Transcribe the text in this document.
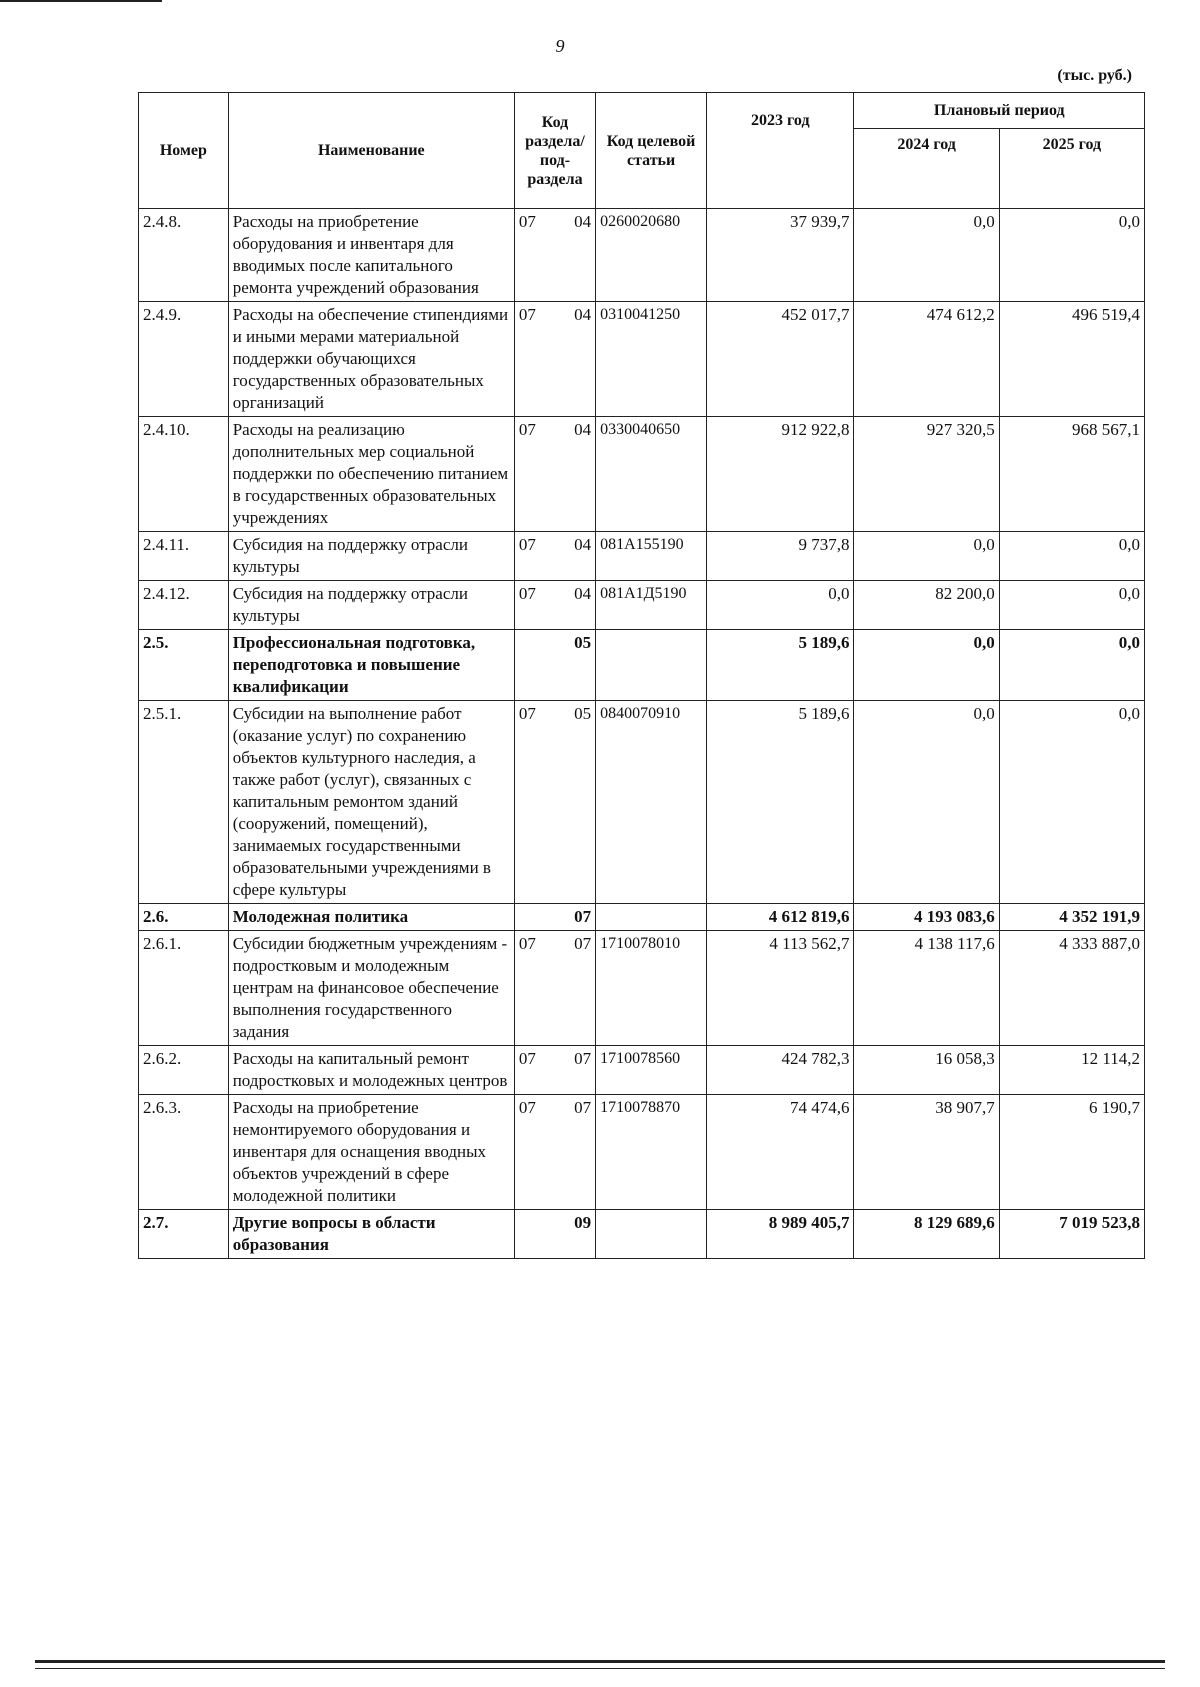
9
(тыс. руб.)
Номер	Наименование	Код раздела/ под-раздела	Код целевой статьи	2023 год	Плановый период	
					2024 год	2025 год
2.4.8.	Расходы на приобретение оборудования и инвентаря для вводимых после капитального ремонта учреждений образования	07 04	0260020680	37 939,7	0,0	0,0
2.4.9.	Расходы на обеспечение стипендиями и иными мерами материальной поддержки обучающихся государственных образовательных организаций	07 04	0310041250	452 017,7	474 612,2	496 519,4
2.4.10.	Расходы на реализацию дополнительных мер социальной поддержки по обеспечению питанием в государственных образовательных учреждениях	07 04	0330040650	912 922,8	927 320,5	968 567,1
2.4.11.	Субсидия на поддержку отрасли культуры	07 04	081А155190	9 737,8	0,0	0,0
2.4.12.	Субсидия на поддержку отрасли культуры	07 04	081А1Д5190	0,0	82 200,0	0,0
2.5.	Профессиональная подготовка, переподготовка и повышение квалификации	05		5 189,6	0,0	0,0
2.5.1.	Субсидии на выполнение работ (оказание услуг) по сохранению объектов культурного наследия, а также работ (услуг), связанных с капитальным ремонтом зданий (сооружений, помещений), занимаемых государственными образовательными учреждениями в сфере культуры	07 05	0840070910	5 189,6	0,0	0,0
2.6.	Молодежная политика	07		4 612 819,6	4 193 083,6	4 352 191,9
2.6.1.	Субсидии бюджетным учреждениям - подростковым и молодежным центрам на финансовое обеспечение выполнения государственного задания	07 07	1710078010	4 113 562,7	4 138 117,6	4 333 887,0
2.6.2.	Расходы на капитальный ремонт подростковых и молодежных центров	07 07	1710078560	424 782,3	16 058,3	12 114,2
2.6.3.	Расходы на приобретение немонтируемого оборудования и инвентаря для оснащения вводных объектов учреждений в сфере молодежной политики	07 07	1710078870	74 474,6	38 907,7	6 190,7
2.7.	Другие вопросы в области образования	09		8 989 405,7	8 129 689,6	7 019 523,8
